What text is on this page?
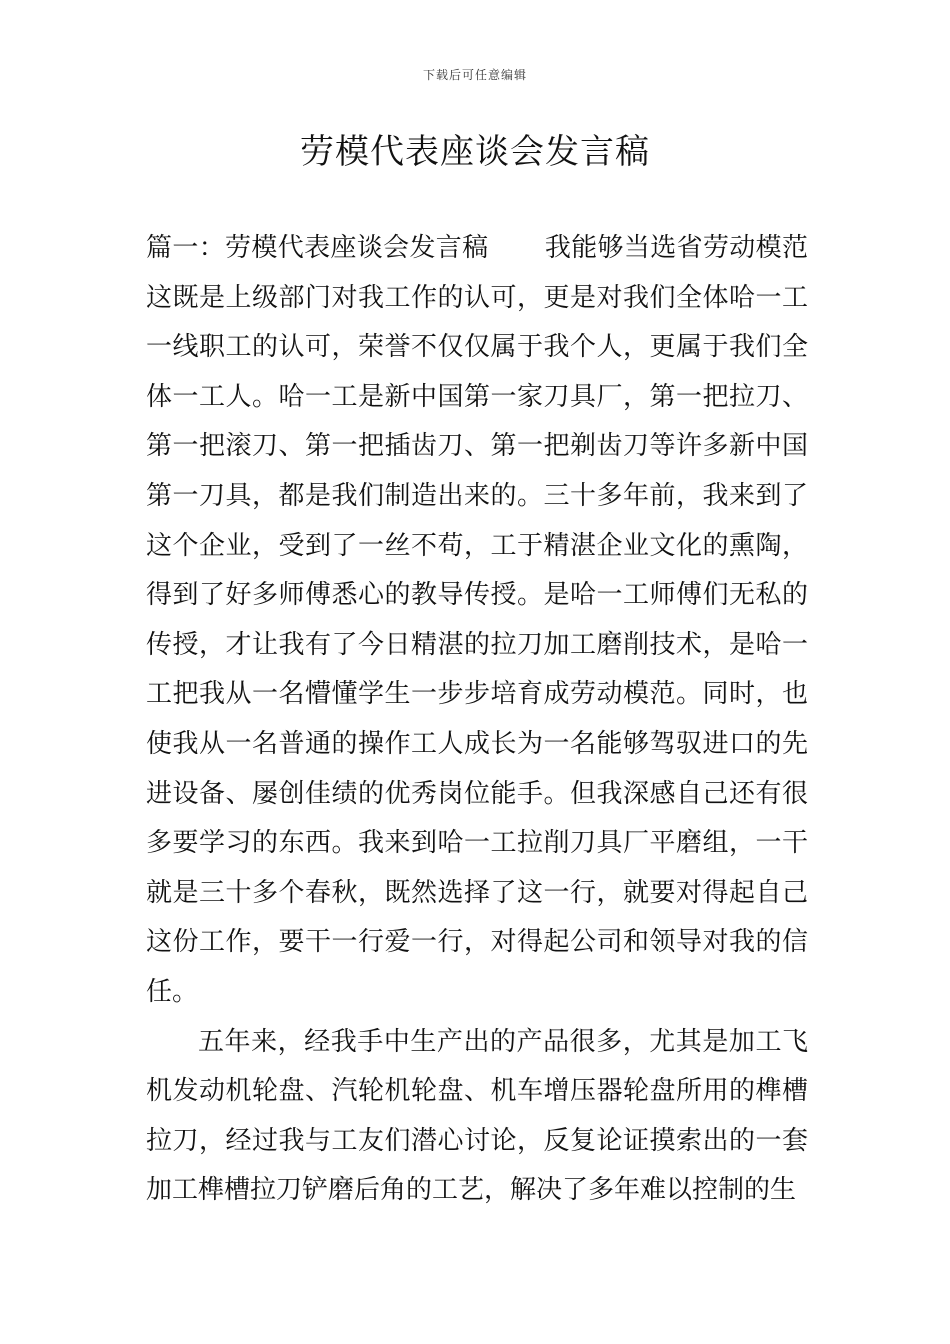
下载后可任意编辑
劳模代表座谈会发言稿

篇一：劳模代表座谈会发言稿 我能够当选省劳动模范这既是上级部门对我工作的认可，更是对我们全体哈一工一线职工的认可，荣誉不仅仅属于我个人，更属于我们全体一工人。哈一工是新中国第一家刀具厂，第一把拉刀、第一把滚刀、第一把插齿刀、第一把剃齿刀等许多新中国第一刀具，都是我们制造出来的。三十多年前，我来到了这个企业，受到了一丝不苟，工于精湛企业文化的熏陶，得到了好多师傅悉心的教导传授。是哈一工师傅们无私的传授，才让我有了今日精湛的拉刀加工磨削技术，是哈一工把我从一名懵懂学生一步步培育成劳动模范。同时，也使我从一名普通的操作工人成长为一名能够驾驭进口的先进设备、屡创佳绩的优秀岗位能手。但我深感自己还有很多要学习的东西。我来到哈一工拉削刀具厂平磨组，一干就是三十多个春秋，既然选择了这一行，就要对得起自己这份工作，要干一行爱一行，对得起公司和领导对我的信任。

五年来，经我手中生产出的产品很多，尤其是加工飞机发动机轮盘、汽轮机轮盘、机车增压器轮盘所用的榫槽拉刀，经过我与工友们潜心讨论，反复论证摸索出的一套加工榫槽拉刀铲磨后角的工艺，解决了多年难以控制的生
